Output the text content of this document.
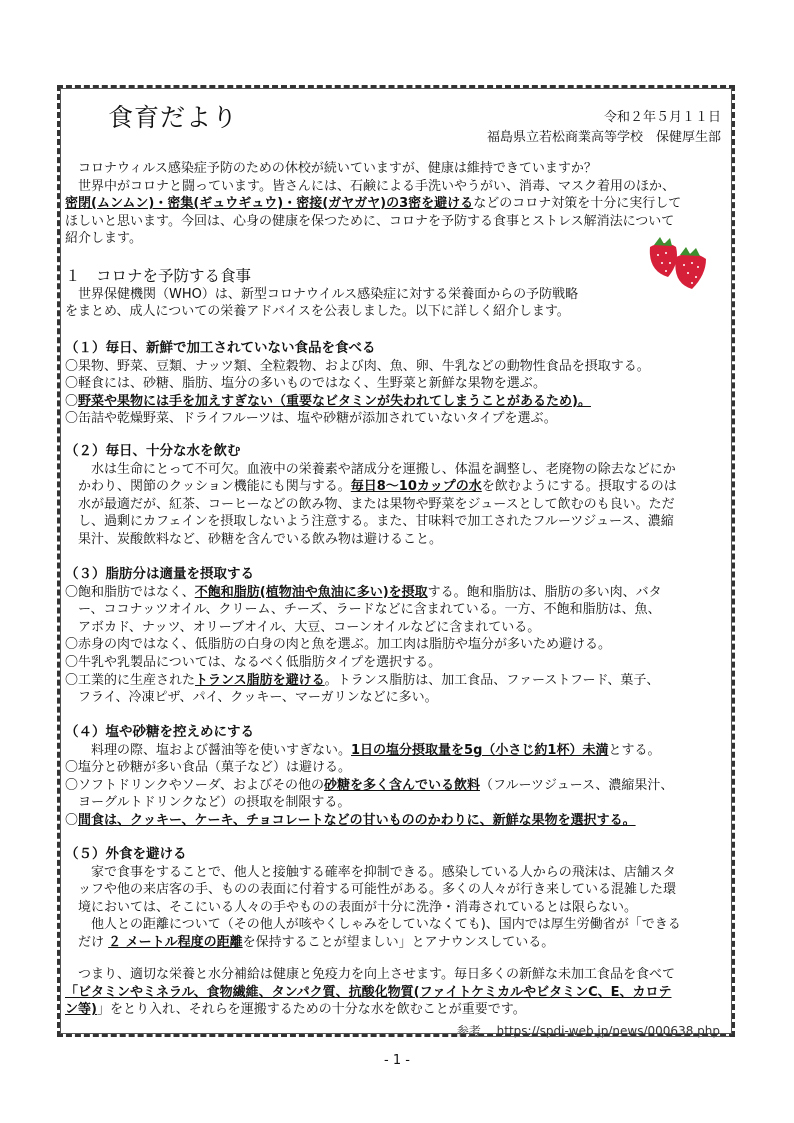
食育だより	令和２年５月１１日
福島県立若松商業高等学校　保健厚生部
　コロナウィルス感染症予防のための休校が続いていますが、健康は維持できていますか？
　世界中がコロナと闘っています。皆さんには、石鹸による手洗いやうがい、消毒、マスク着用のほか、
密閉(ムンムン)・密集(ギュウギュウ)・密接(ガヤガヤ)の3密を避けるなどのコロナ対策を十分に実行して
ほしいと思います。今回は、心身の健康を保つために、コロナを予防する食事とストレス解消法について
紹介します。
１　コロナを予防する食事
　世界保健機関（WHO）は、新型コロナウイルス感染症に対する栄養面からの予防戦略
をまとめ、成人についての栄養アドバイスを公表しました。以下に詳しく紹介します。
（１）毎日、新鮮で加工されていない食品を食べる
〇果物、野菜、豆類、ナッツ類、全粒穀物、および肉、魚、卵、牛乳などの動物性食品を摂取する。
〇軽食には、砂糖、脂肪、塩分の多いものではなく、生野菜と新鮮な果物を選ぶ。
〇野菜や果物には手を加えすぎない（重要なビタミンが失われてしまうことがあるため)。
〇缶詰や乾燥野菜、ドライフルーツは、塩や砂糖が添加されていないタイプを選ぶ。
（２）毎日、十分な水を飲む
水は生命にとって不可欠。血液中の栄養素や諸成分を運搬し、体温を調整し、老廃物の除去などにか
かわり、関節のクッション機能にも関与する。毎日8～10カップの水を飲むようにする。摂取するのは
水が最適だが、紅茶、コーヒーなどの飲み物、または果物や野菜をジュースとして飲むのも良い。ただ
し、過剰にカフェインを摂取しないよう注意する。また、甘味料で加工されたフルーツジュース、濃縮
果汁、炭酸飲料など、砂糖を含んでいる飲み物は避けること。
（３）脂肪分は適量を摂取する
〇飽和脂肪ではなく、不飽和脂肪(植物油や魚油に多い)を摂取する。飽和脂肪は、脂肪の多い肉、バタ
ー、ココナッツオイル、クリーム、チーズ、ラードなどに含まれている。一方、不飽和脂肪は、魚、
アボカド、ナッツ、オリーブオイル、大豆、コーンオイルなどに含まれている。
〇赤身の肉ではなく、低脂肪の白身の肉と魚を選ぶ。加工肉は脂肪や塩分が多いため避ける。
〇牛乳や乳製品については、なるべく低脂肪タイプを選択する。
〇工業的に生産されたトランス脂肪を避ける。トランス脂肪は、加工食品、ファーストフード、菓子、
フライ、冷凍ピザ、パイ、クッキー、マーガリンなどに多い。
（４）塩や砂糖を控えめにする
料理の際、塩および醤油等を使いすぎない。1日の塩分摂取量を5g（小さじ約1杯）未満とする。
〇塩分と砂糖が多い食品（菓子など）は避ける。
〇ソフトドリンクやソーダ、およびその他の砂糖を多く含んでいる飲料（フルーツジュース、濃縮果汁、
ヨーグルトドリンクなど）の摂取を制限する。
〇間食は、クッキー、ケーキ、チョコレートなどの甘いもののかわりに、新鮮な果物を選択する。
（５）外食を避ける
家で食事をすることで、他人と接触する確率を抑制できる。感染している人からの飛沫は、店舗スタ
ッフや他の来店客の手、ものの表面に付着する可能性がある。多くの人々が行き来している混雑した環
境においては、そこにいる人々の手やものの表面が十分に洗浄・消毒されているとは限らない。
他人との距離について（その他人が咳やくしゃみをしていなくても)、国内では厚生労働省が「できる
だけ ２ メートル程度の距離を保持することが望ましい」とアナウンスしている。
　つまり、適切な栄養と水分補給は健康と免疫力を向上させます。毎日多くの新鮮な未加工食品を食べて
「ビタミンやミネラル、食物繊維、タンパク質、抗酸化物質(ファイトケミカルやビタミンC、E、カロテ
ン等)」をとり入れ、それらを運搬するための十分な水を飲むことが重要です。
参考　 https://spdi-web.jp/news/000638.php
- 1 -
